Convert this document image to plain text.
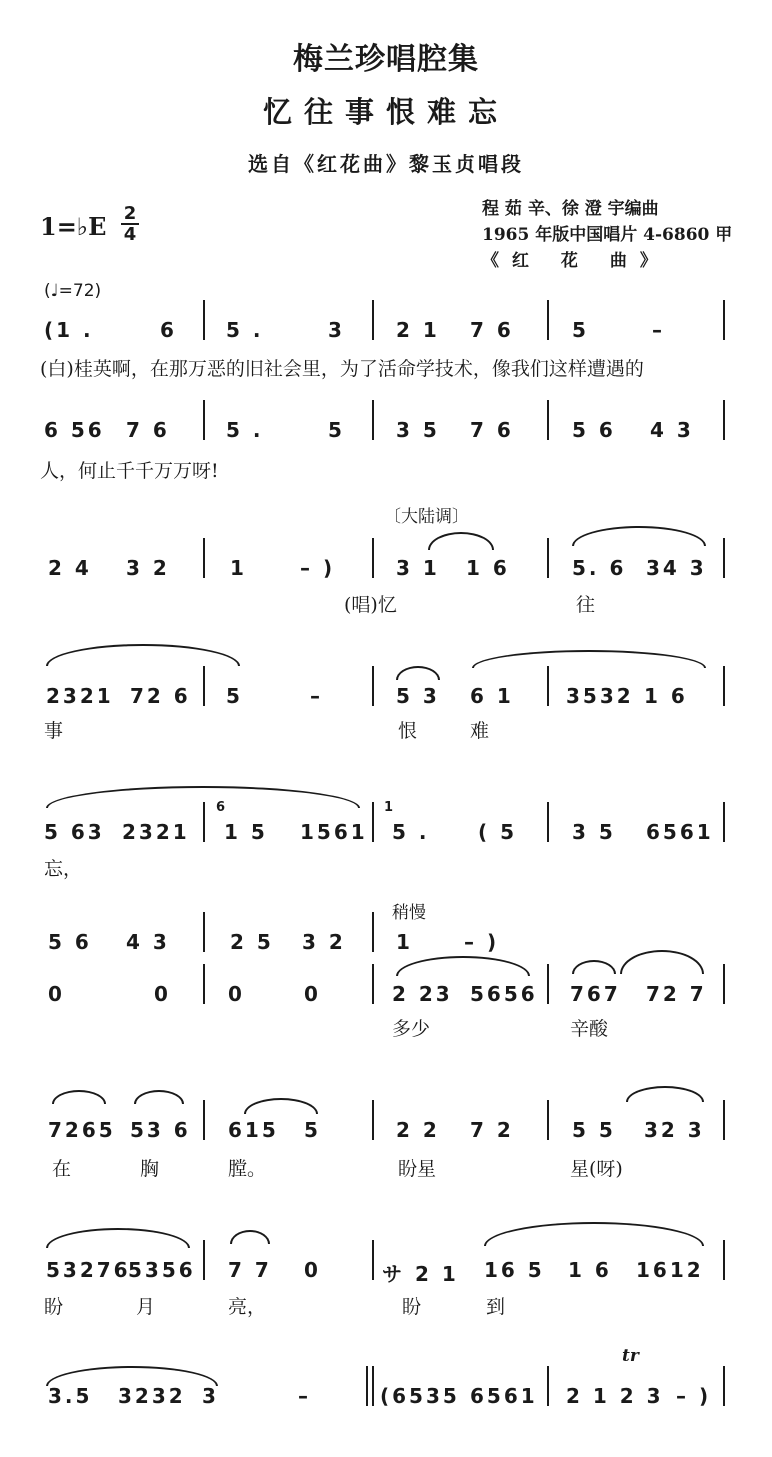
梅兰珍唱腔集
忆往事恨难忘
选自《红花曲》黎玉贞唱段
程 茹 辛、徐 澄 宇编曲
1965 年版中国唱片 4-6860 甲
《红 花 曲》
1=♭E 2
4
(♩=72)
(1 .	6 5 .	3	2 1 7 6	5	–
(白)桂英啊，在那万恶的旧社会里，为了活命学技术，像我们这样遭遇的
6 56 7 6	5 .	5	3 5 7 6	5 6 4 3
人，何止千千万万呀!
〔大陆调〕
2 4 3 2	1	– )	3 1 1 6	5. 6 34 3
(唱)忆	往
2321 72 6 5	–	5 3 6 1	3532 1 6
事	恨	难
5 63 2321
6
1 5 1561
1
5 . ( 5	3 5 6561
忘，
稍慢
5 6 4 3	2 5 3 2	1	– )
0	0	0	0	2 23 5656 767 72 7
多少	辛酸
7265 53 6 615 5	2 2 7 2	5 5 32 3
在	胸	膛。	盼星	星(呀)
53276
5356 7 7 0	サ 2 1 16 5 1 6 1612
盼	月	亮，	盼	到
tr
3.5 3232 3	–	(6535 6561 2 1 2 3 – )
